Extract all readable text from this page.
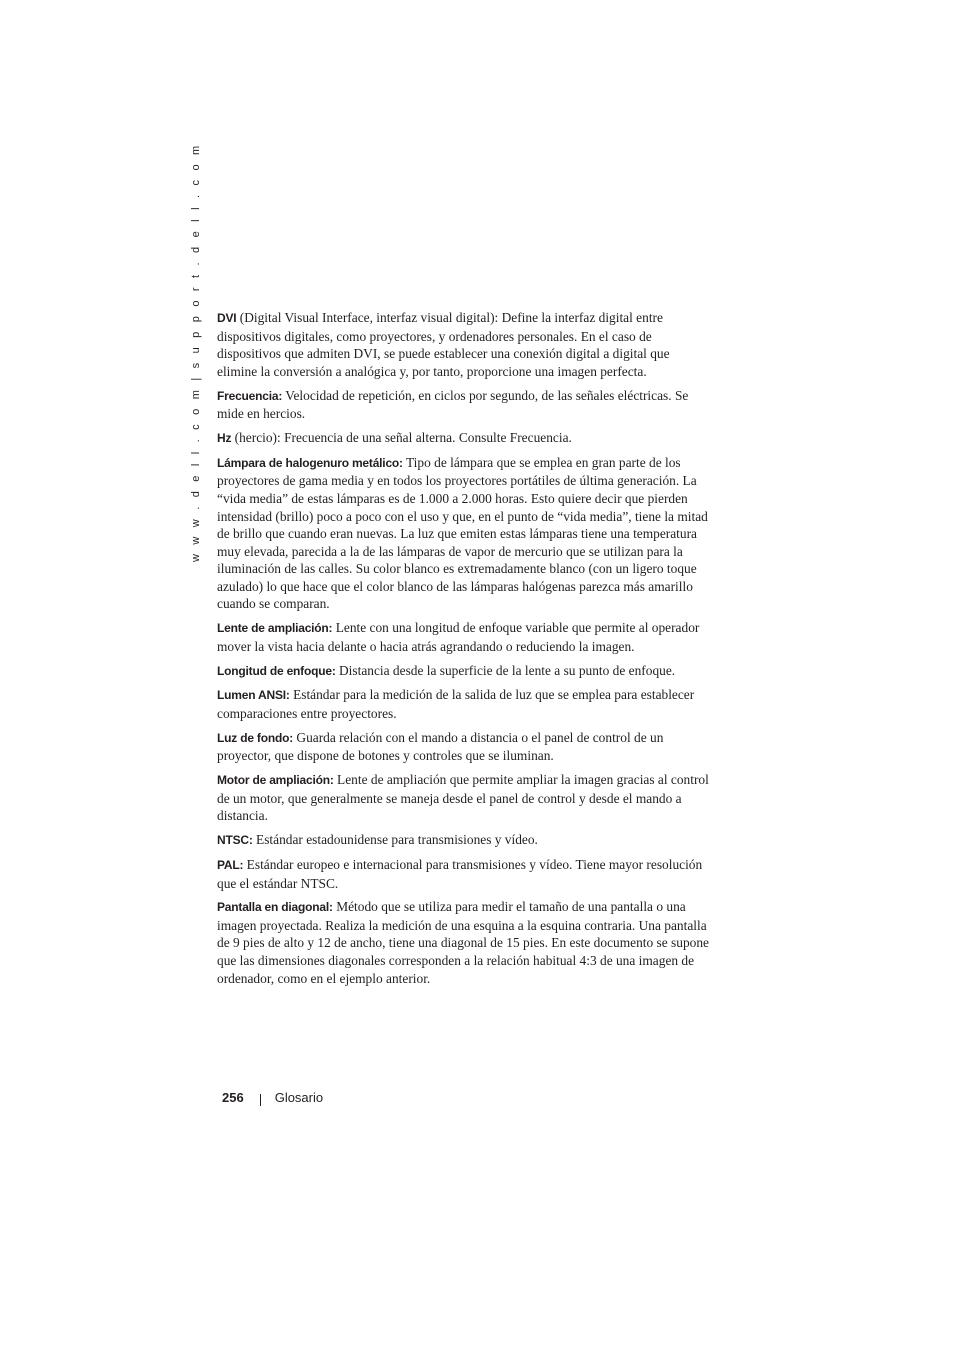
w w w . d e l l . c o m | s u p p o r t . d e l l . c o m	DVI (Digital Visual Interface, interfaz visual digital): Define la interfaz digital entre dispositivos digitales, como proyectores, y ordenadores personales. En el caso de dispositivos que admiten DVI, se puede establecer una conexión digital a digital que elimine la conversión a analógica y, por tanto, proporcione una imagen perfecta.

Frecuencia: Velocidad de repetición, en ciclos por segundo, de las señales eléctricas. Se mide en hercios.

Hz (hercio): Frecuencia de una señal alterna. Consulte Frecuencia.

Lámpara de halogenuro metálico: Tipo de lámpara que se emplea en gran parte de los proyectores de gama media y en todos los proyectores portátiles de última generación. La “vida media” de estas lámparas es de 1.000 a 2.000 horas. Esto quiere decir que pierden intensidad (brillo) poco a poco con el uso y que, en el punto de “vida media”, tiene la mitad de brillo que cuando eran nuevas. La luz que emiten estas lámparas tiene una temperatura muy elevada, parecida a la de las lámparas de vapor de mercurio que se utilizan para la iluminación de las calles. Su color blanco es extremadamente blanco (con un ligero toque azulado) lo que hace que el color blanco de las lámparas halógenas parezca más amarillo cuando se comparan.

Lente de ampliación: Lente con una longitud de enfoque variable que permite al operador mover la vista hacia delante o hacia atrás agrandando o reduciendo la imagen.

Longitud de enfoque: Distancia desde la superficie de la lente a su punto de enfoque.

Lumen ANSI: Estándar para la medición de la salida de luz que se emplea para establecer comparaciones entre proyectores.

Luz de fondo: Guarda relación con el mando a distancia o el panel de control de un proyector, que dispone de botones y controles que se iluminan.

Motor de ampliación: Lente de ampliación que permite ampliar la imagen gracias al control de un motor, que generalmente se maneja desde el panel de control y desde el mando a distancia.

NTSC: Estándar estadounidense para transmisiones y vídeo.

PAL: Estándar europeo e internacional para transmisiones y vídeo. Tiene mayor resolución que el estándar NTSC.

Pantalla en diagonal: Método que se utiliza para medir el tamaño de una pantalla o una imagen proyectada. Realiza la medición de una esquina a la esquina contraria. Una pantalla de 9 pies de alto y 12 de ancho, tiene una diagonal de 15 pies. En este documento se supone que las dimensiones diagonales corresponden a la relación habitual 4:3 de una imagen de ordenador, como en el ejemplo anterior.

256 Glosario
